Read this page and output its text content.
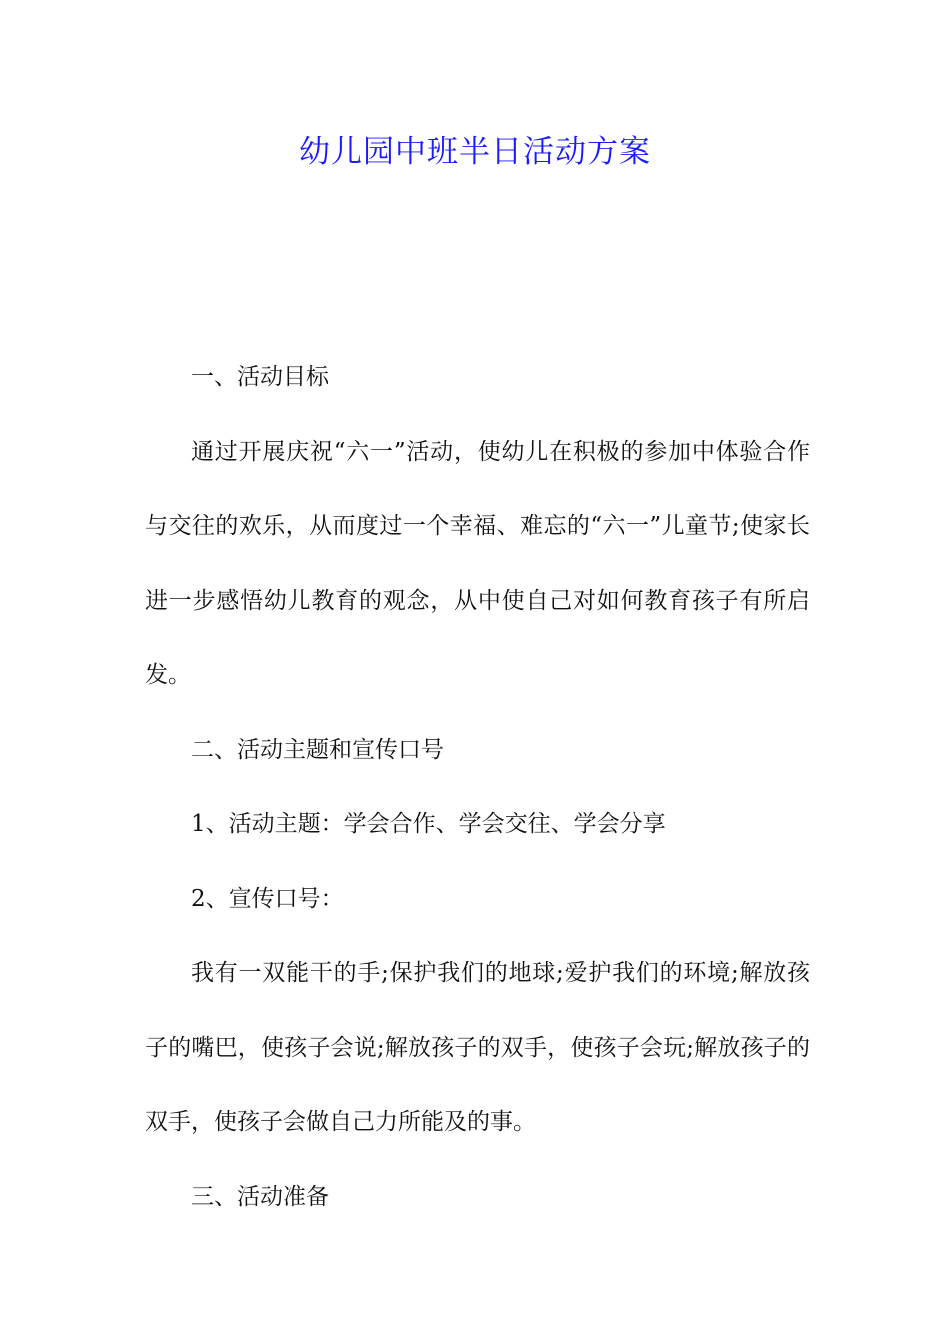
幼儿园中班半日活动方案

一、活动目标

通过开展庆祝“六一”活动，使幼儿在积极的参加中体验合作与交往的欢乐，从而度过一个幸福、难忘的“六一”儿童节;使家长进一步感悟幼儿教育的观念，从中使自己对如何教育孩子有所启发。

二、活动主题和宣传口号

1、活动主题：学会合作、学会交往、学会分享

2、宣传口号：

我有一双能干的手;保护我们的地球;爱护我们的环境;解放孩子的嘴巴，使孩子会说;解放孩子的双手，使孩子会玩;解放孩子的双手，使孩子会做自己力所能及的事。

三、活动准备
